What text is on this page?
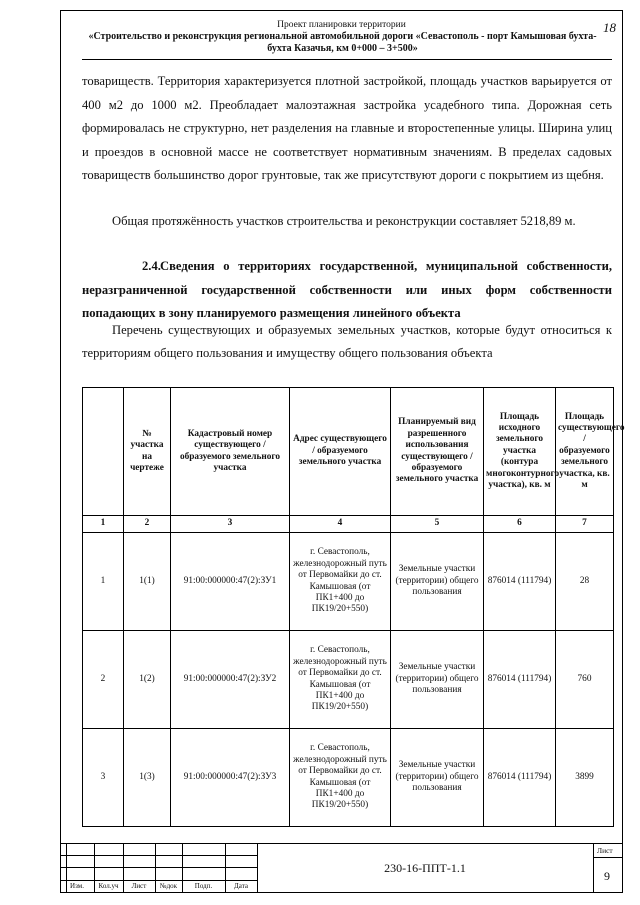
Проект планировки территории
«Строительство и реконструкция региональной автомобильной дороги «Севастополь - порт Камышовая бухта-бухта Казачья, км 0+000 – 3+500»
18
товариществ. Территория характеризуется плотной застройкой, площадь участков варьируется от 400 м2 до 1000 м2. Преобладает малоэтажная застройка усадебного типа. Дорожная сеть формировалась не структурно, нет разделения на главные и второстепенные улицы. Ширина улиц и проездов в основной массе не соответствует нормативным значениям. В пределах садовых товариществ большинство дорог грунтовые, так же присутствуют дороги с покрытием из щебня.
Общая протяжённость участков строительства и реконструкции составляет 5218,89 м.
2.4.Сведения о территориях государственной, муниципальной собственности, неразграниченной государственной собственности или иных форм собственности попадающих в зону планируемого размещения линейного объекта
Перечень существующих и образуемых земельных участков, которые будут относиться к территориям общего пользования и имуществу общего пользования объекта
	№ участка на чертеже	Кадастровый номер существующего / образуемого земельного участка	Адрес существующего / образуемого земельного участка	Планируемый вид разрешенного использования существующего / образуемого земельного участка	Площадь исходного земельного участка (контура многоконтурного участка), кв. м	Площадь существующего / образуемого земельного участка, кв. м
1	2	3	4	5	6	7
1	1(1)	91:00:000000:47(2):ЗУ1	г. Севастополь, железнодорожный путь от Первомайки до ст. Камышовая (от ПК1+400 до ПК19/20+550)	Земельные участки (территории) общего пользования	876014 (111794)	28
2	1(2)	91:00:000000:47(2):ЗУ2	г. Севастополь, железнодорожный путь от Первомайки до ст. Камышовая (от ПК1+400 до ПК19/20+550)	Земельные участки (территории) общего пользования	876014 (111794)	760
3	1(3)	91:00:000000:47(2):ЗУ3	г. Севастополь, железнодорожный путь от Первомайки до ст. Камышовая (от ПК1+400 до ПК19/20+550)	Земельные участки (территории) общего пользования	876014 (111794)	3899
Изм.	Кол.уч	Лист	№док	Подп.	Дата
230-16-ППТ-1.1
Лист
9
